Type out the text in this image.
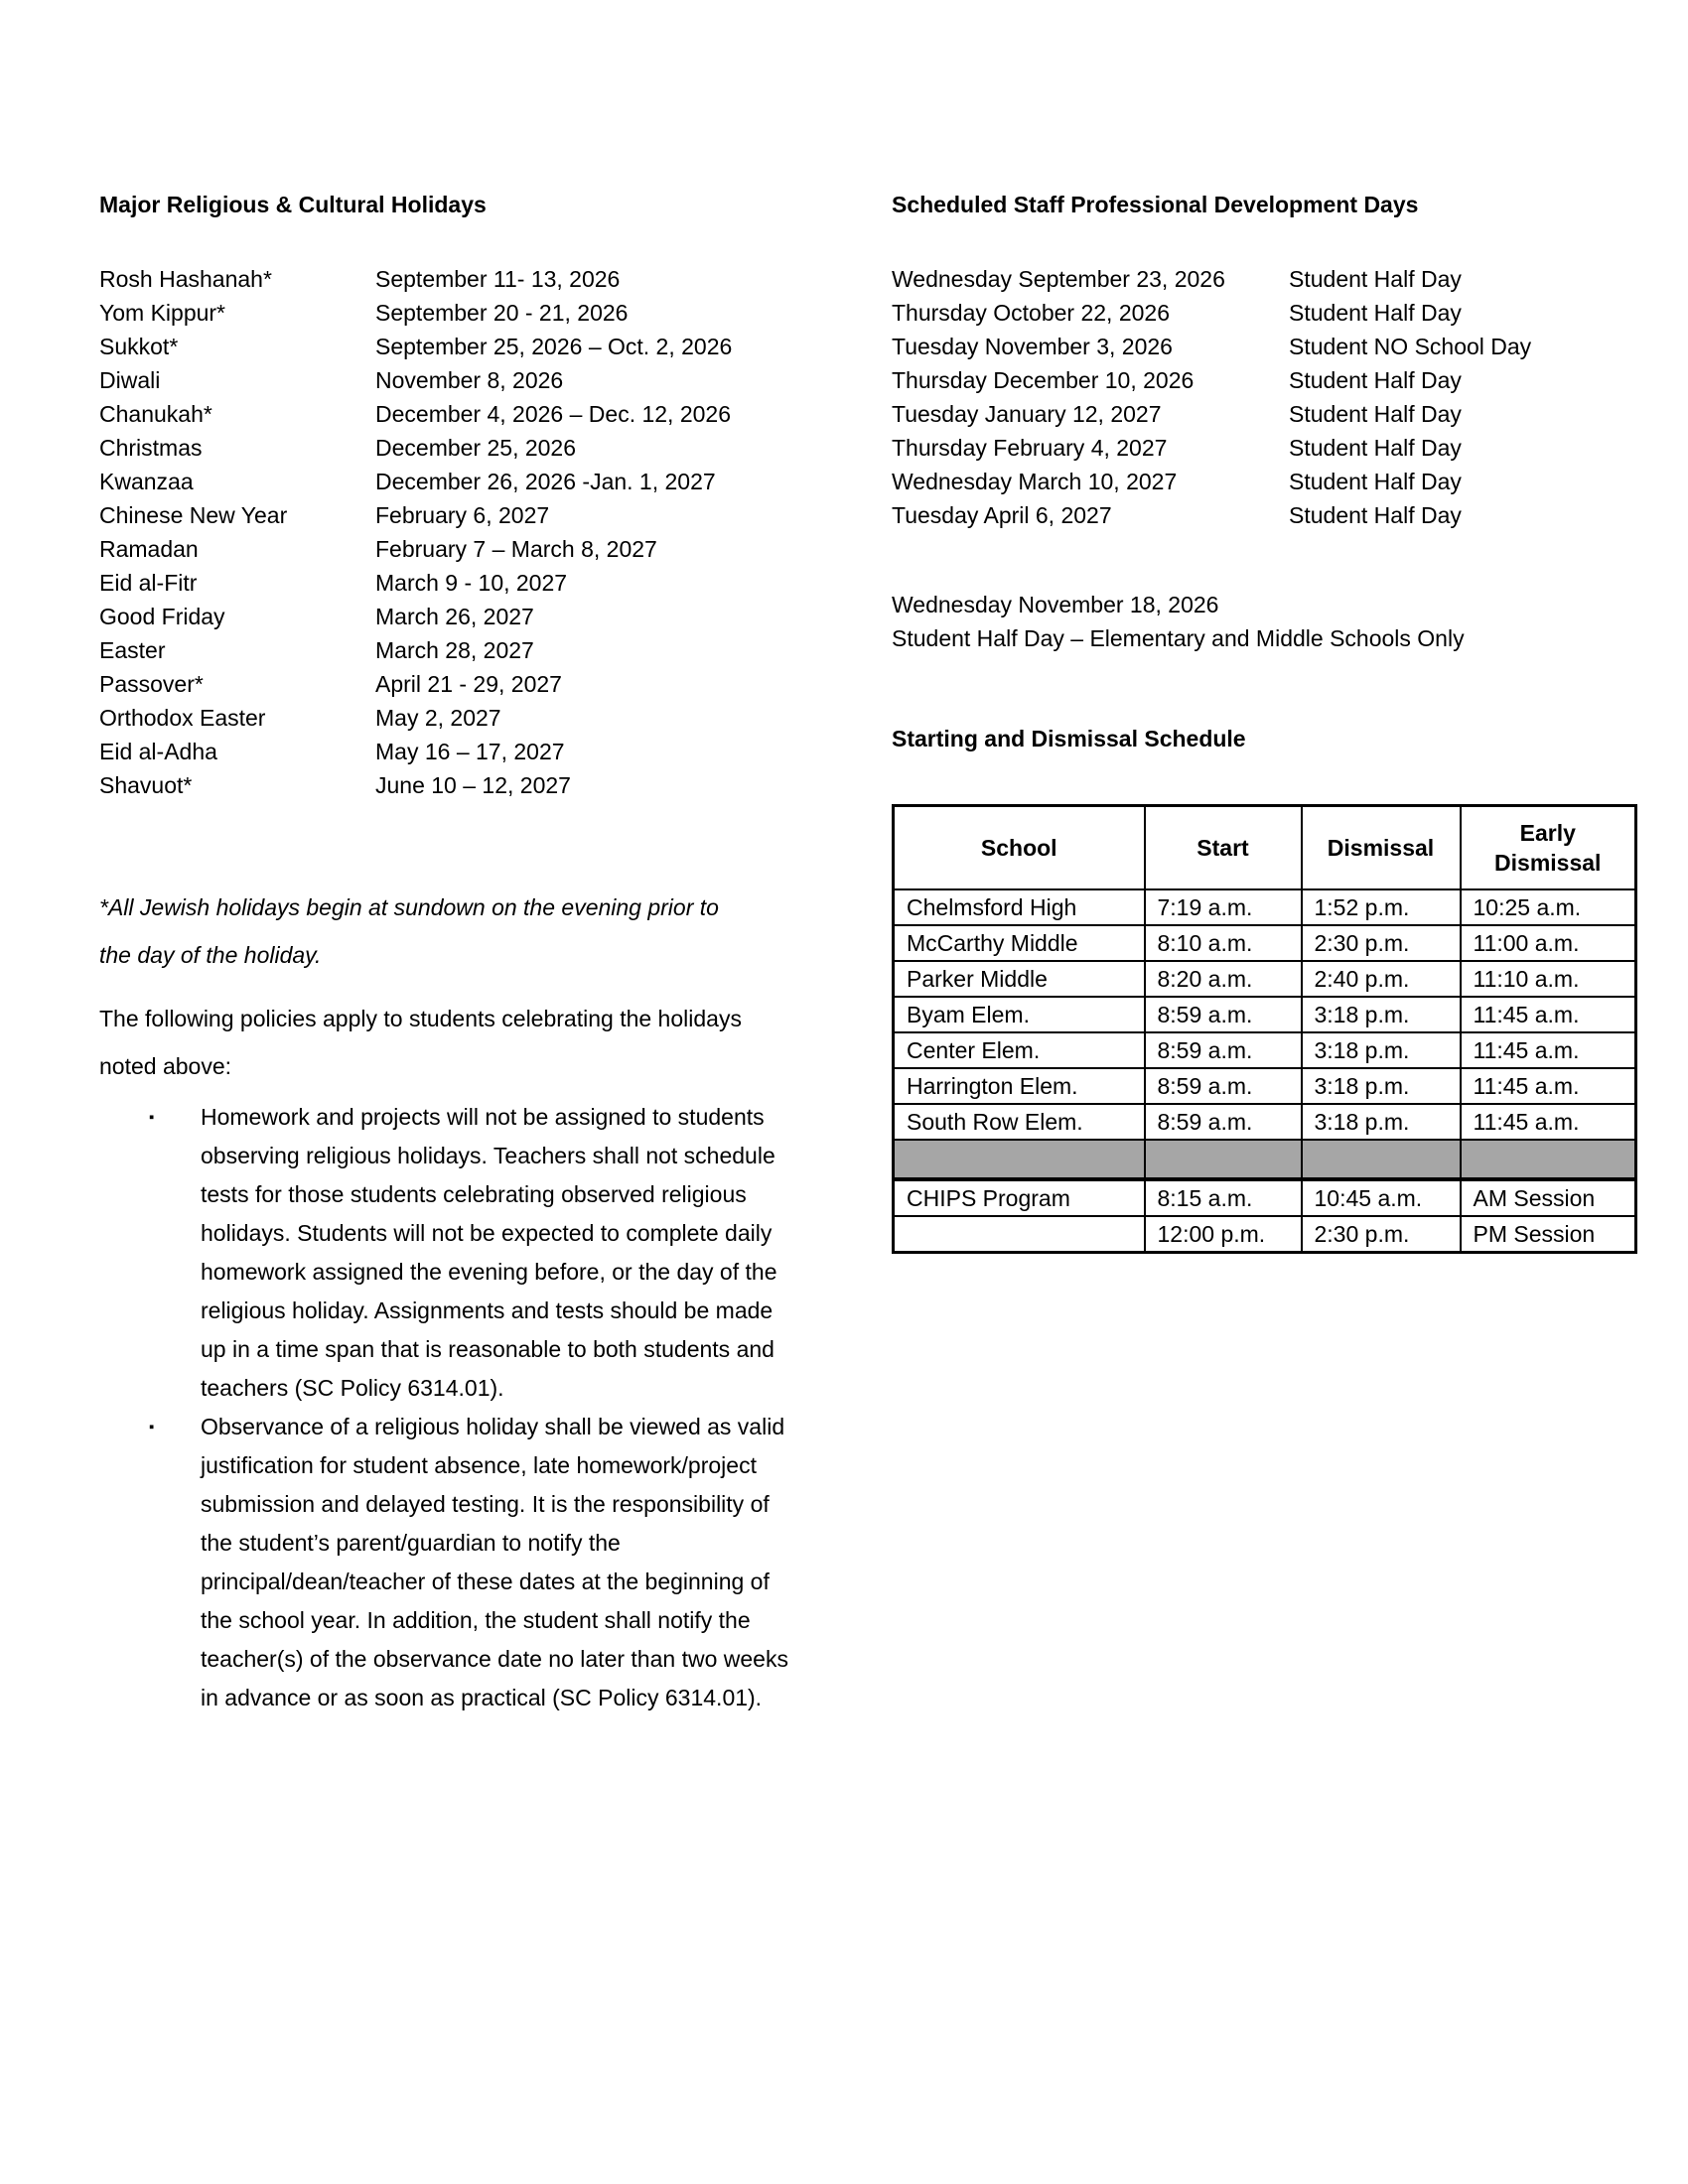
Major Religious & Cultural Holidays
Rosh Hashanah*	September 11- 13, 2026
Yom Kippur*	September 20 - 21, 2026
Sukkot*	September 25, 2026 – Oct. 2, 2026
Diwali	November 8, 2026
Chanukah*	December 4, 2026 – Dec. 12, 2026
Christmas	December 25, 2026
Kwanzaa	December 26, 2026 -Jan. 1, 2027
Chinese New Year	February 6, 2027
Ramadan	February 7 – March 8, 2027
Eid al-Fitr	March 9 - 10, 2027
Good Friday	March 26, 2027
Easter	March 28, 2027
Passover*	April 21 - 29, 2027
Orthodox Easter	May 2, 2027
Eid al-Adha	May 16 – 17, 2027
Shavuot*	June 10 – 12, 2027
*All Jewish holidays begin at sundown on the evening prior to the day of the holiday.
The following policies apply to students celebrating the holidays noted above:
▪ Homework and projects will not be assigned to students observing religious holidays. Teachers shall not schedule tests for those students celebrating observed religious holidays. Students will not be expected to complete daily homework assigned the evening before, or the day of the religious holiday. Assignments and tests should be made up in a time span that is reasonable to both students and teachers (SC Policy 6314.01).
▪ Observance of a religious holiday shall be viewed as valid justification for student absence, late homework/project submission and delayed testing. It is the responsibility of the student’s parent/guardian to notify the principal/dean/teacher of these dates at the beginning of the school year. In addition, the student shall notify the teacher(s) of the observance date no later than two weeks in advance or as soon as practical (SC Policy 6314.01).
Scheduled Staff Professional Development Days
Wednesday September 23, 2026	Student Half Day
Thursday October 22, 2026	Student Half Day
Tuesday November 3, 2026	Student NO School Day
Thursday December 10, 2026	Student Half Day
Tuesday January 12, 2027	Student Half Day
Thursday February 4, 2027	Student Half Day
Wednesday March 10, 2027	Student Half Day
Tuesday April 6, 2027	Student Half Day
Wednesday November 18, 2026
Student Half Day – Elementary and Middle Schools Only
Starting and Dismissal Schedule
School	Start	Dismissal	Early Dismissal
Chelmsford High	7:19 a.m.	1:52 p.m.	10:25 a.m.
McCarthy Middle	8:10 a.m.	2:30 p.m.	11:00 a.m.
Parker Middle	8:20 a.m.	2:40 p.m.	11:10 a.m.
Byam Elem.	8:59 a.m.	3:18 p.m.	11:45 a.m.
Center Elem.	8:59 a.m.	3:18 p.m.	11:45 a.m.
Harrington Elem.	8:59 a.m.	3:18 p.m.	11:45 a.m.
South Row Elem.	8:59 a.m.	3:18 p.m.	11:45 a.m.

CHIPS Program	8:15 a.m.	10:45 a.m.	AM Session
	12:00 p.m.	2:30 p.m.	PM Session
